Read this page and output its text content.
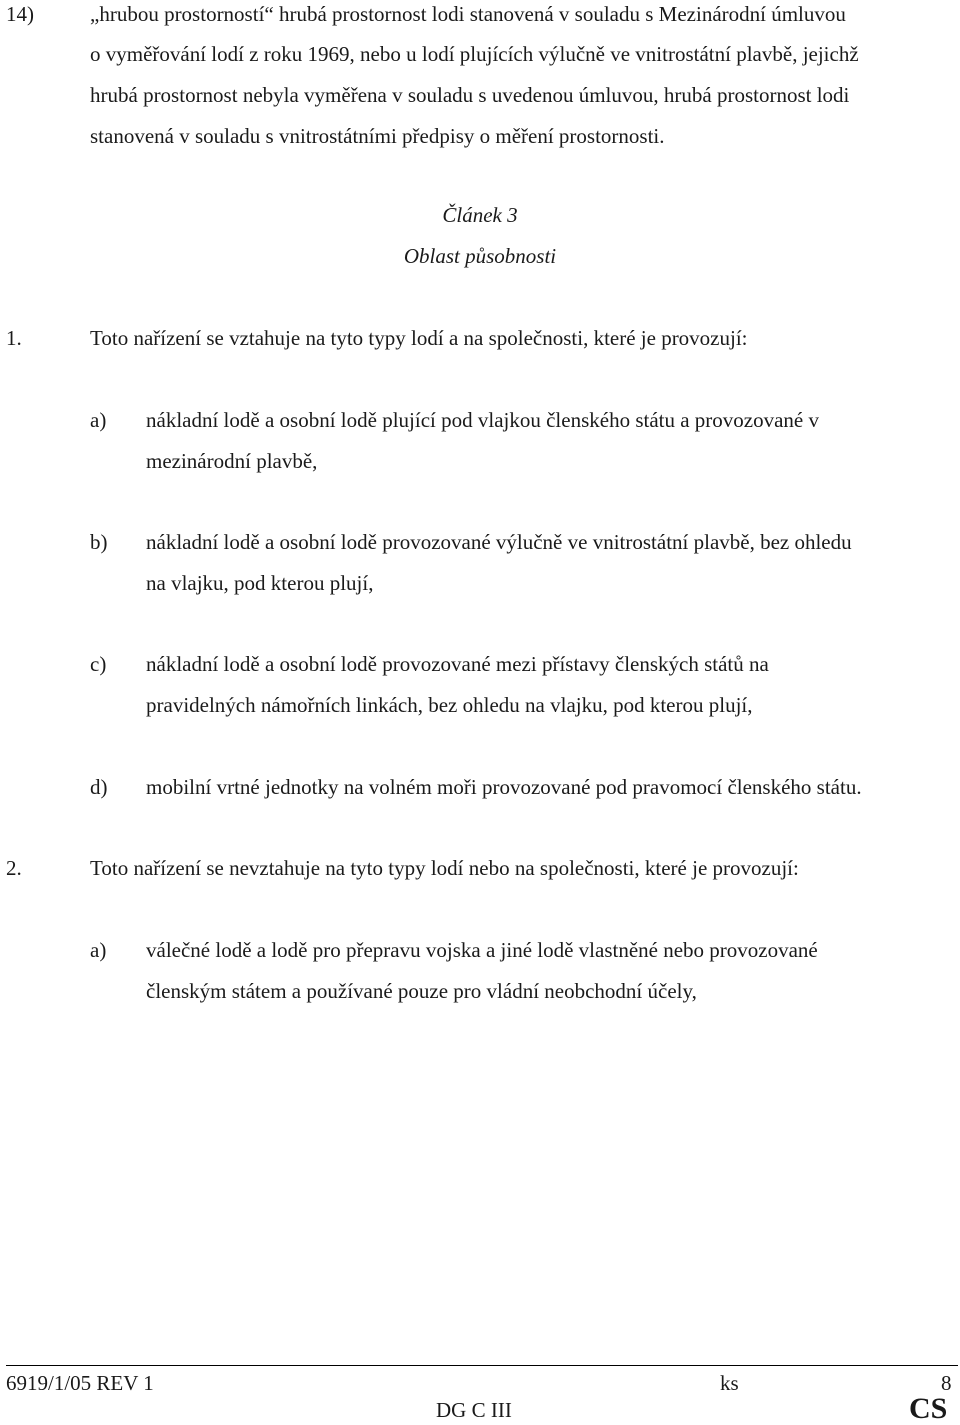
14)	„hrubou prostorností“ hrubá prostornost lodi stanovená v souladu s Mezinárodní úmluvou
o vyměřování lodí z roku 1969, nebo u lodí plujících výlučně ve vnitrostátní plavbě, jejichž
hrubá prostornost nebyla vyměřena v souladu s uvedenou úmluvou, hrubá prostornost lodi
stanovená v souladu s vnitrostátními předpisy o měření prostornosti.
Článek 3
Oblast působnosti
1.	Toto nařízení se vztahuje na tyto typy lodí a na společnosti, které je provozují:
a) nákladní lodě a osobní lodě plující pod vlajkou členského státu a provozované v
mezinárodní plavbě,
b) nákladní lodě a osobní lodě provozované výlučně ve vnitrostátní plavbě, bez ohledu
na vlajku, pod kterou plují,
c) nákladní lodě a osobní lodě provozované mezi přístavy členských států na
pravidelných námořních linkách, bez ohledu na vlajku, pod kterou plují,
d) mobilní vrtné jednotky na volném moři provozované pod pravomocí členského státu.
2.	Toto nařízení se nevztahuje na tyto typy lodí nebo na společnosti, které je provozují:
a) válečné lodě a lodě pro přepravu vojska a jiné lodě vlastněné nebo provozované
členským státem a používané pouze pro vládní neobchodní účely,
6919/1/05 REV 1	ks	8
DG C III	CS
